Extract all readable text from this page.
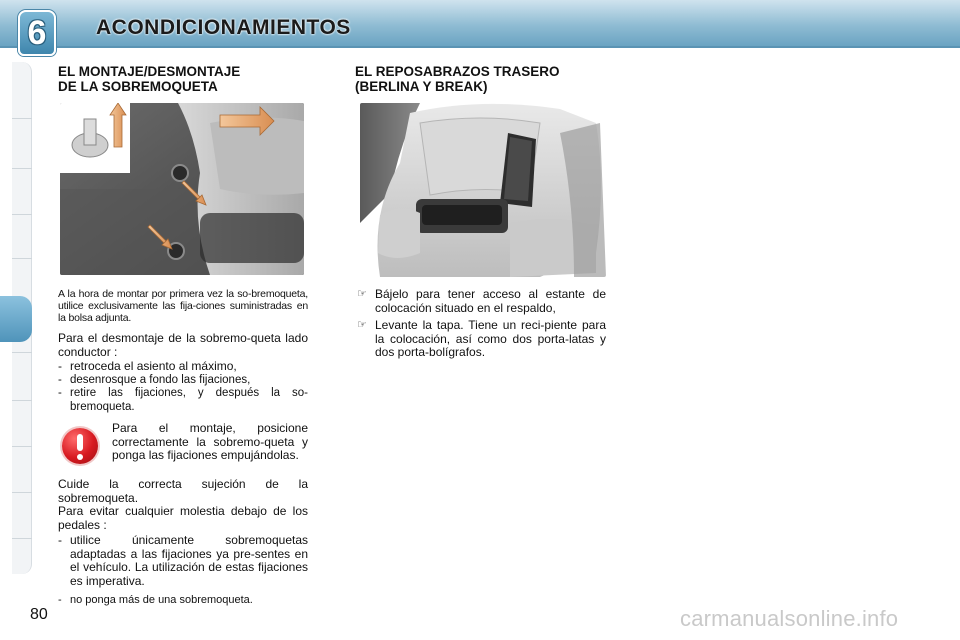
6	ACONDICIONAMIENTOS
EL MONTAJE/DESMONTAJE
DE LA SOBREMOQUETA
A la hora de montar por primera vez la so-bremoqueta, utilice exclusivamente las fija-ciones suministradas en la bolsa adjunta.
Para el desmontaje de la sobremo-queta lado conductor :
- retroceda el asiento al máximo,
- desenrosque a fondo las fijaciones,
- retire las fijaciones, y después la so-bremoqueta.
Para el montaje, posicione correctamente la sobremo-queta y ponga las fijaciones empujándolas.
Cuide la correcta sujeción de la sobremoqueta.
Para evitar cualquier molestia debajo de los pedales :
- utilice únicamente sobremoquetas adaptadas a las fijaciones ya pre-sentes en el vehículo. La utilización de estas fijaciones es imperativa.
- no ponga más de una sobremoqueta.
EL REPOSABRAZOS TRASERO
(BERLINA Y BREAK)
☞ Bájelo para tener acceso al estante de colocación situado en el respaldo,
☞ Levante la tapa. Tiene un reci-piente para la colocación, así como dos porta-latas y dos porta-bolígrafos.
80	carmanualsonline.info
